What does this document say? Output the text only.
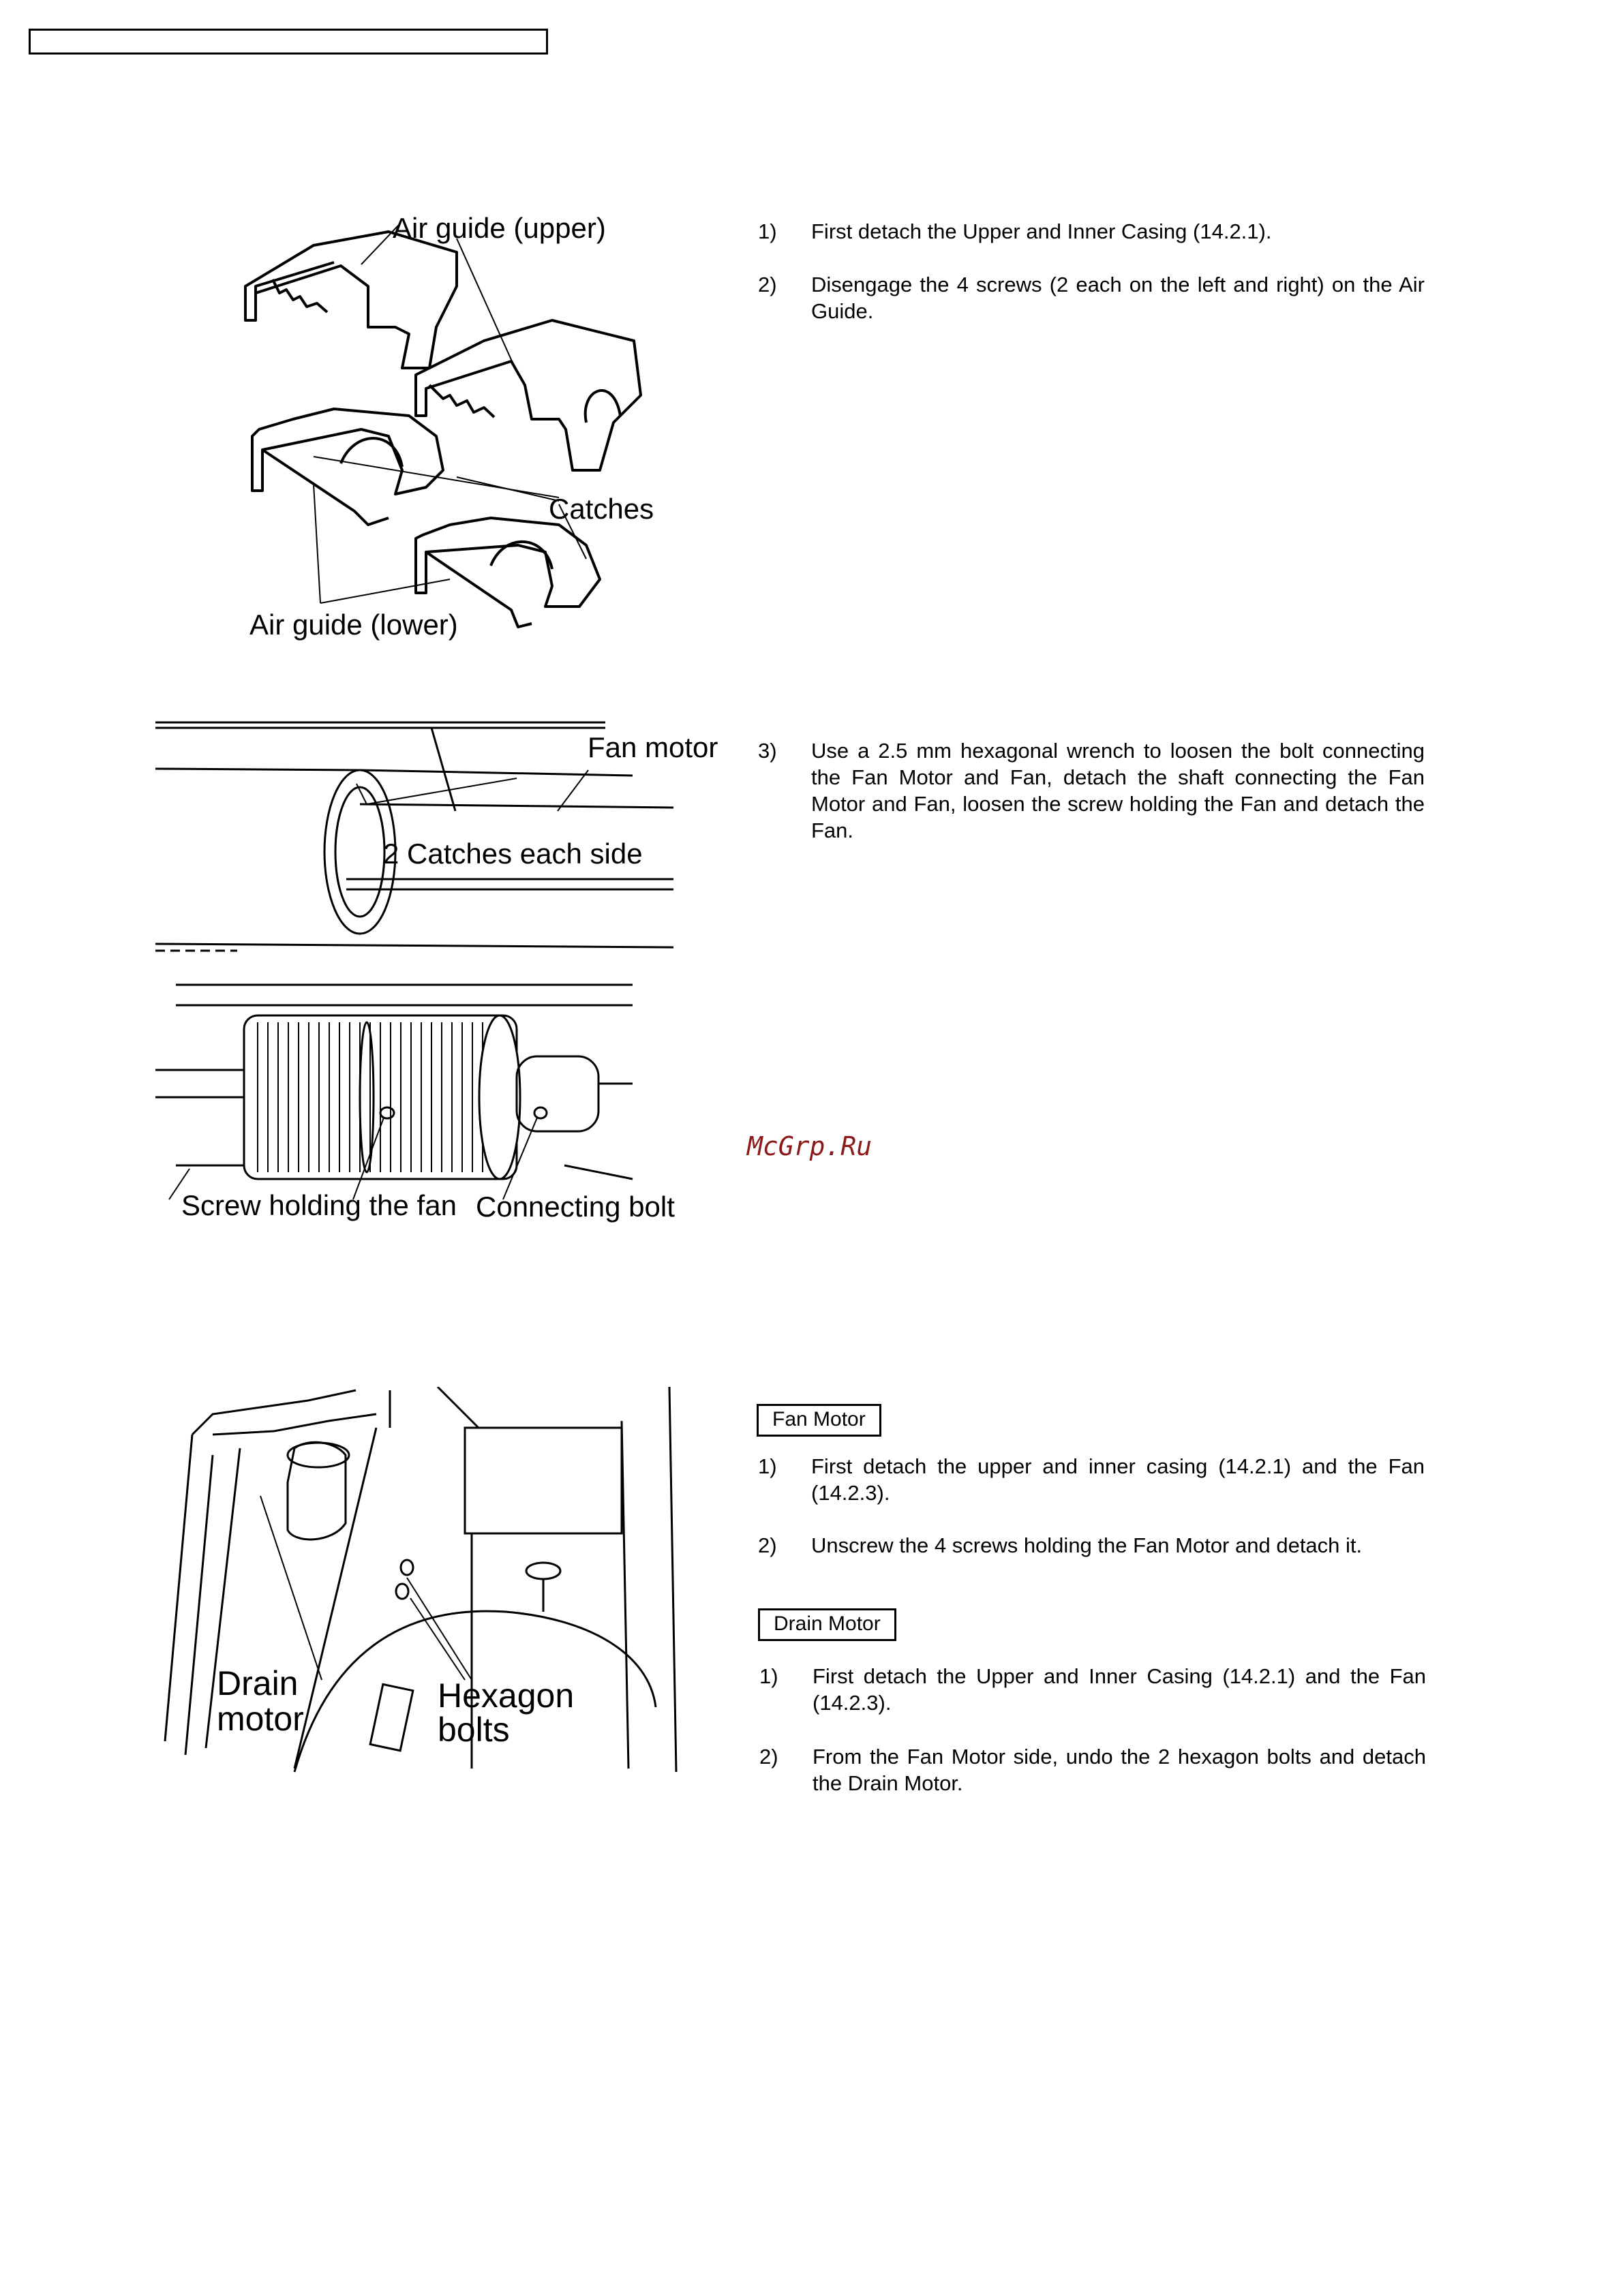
Air guide (upper)
Catches
Air guide (lower)
Fan motor
2 Catches each side
Screw holding the fan Connecting bolt
Drain
motor
Hexagon
bolts
1)	First detach the Upper and Inner Casing (14.2.1).
2)	Disengage the 4 screws (2 each on the left and right) on the Air Guide.
3)	Use a 2.5 mm hexagonal wrench to loosen the bolt connecting the Fan Motor and Fan, detach the shaft connecting the Fan Motor and Fan, loosen the screw holding the Fan and detach the Fan.
McGrp.Ru
Fan Motor
1)	First detach the upper and inner casing (14.2.1) and the Fan (14.2.3).
2)	Unscrew the 4 screws holding the Fan Motor and detach it.
Drain Motor
1)	First detach the Upper and Inner Casing (14.2.1) and the Fan (14.2.3).
2)	From the Fan Motor side, undo the 2 hexagon bolts and detach the Drain Motor.
